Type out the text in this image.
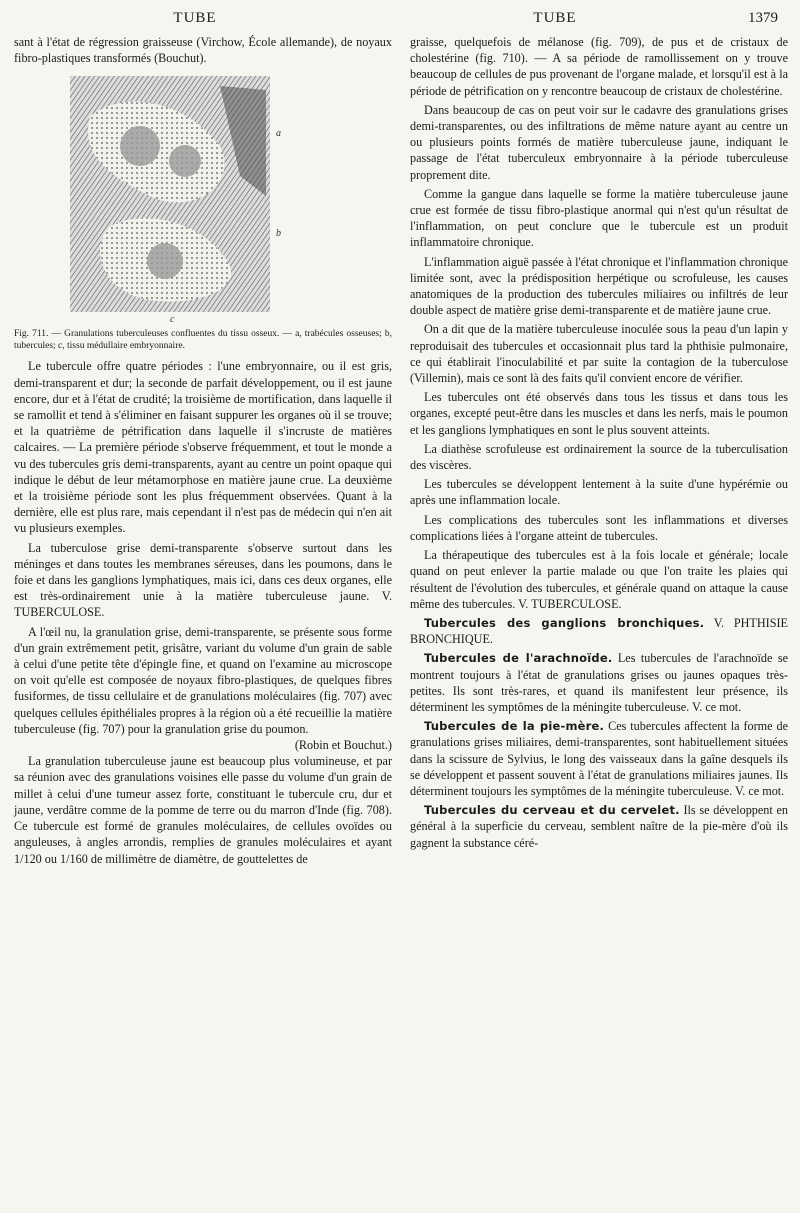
TUBE	TUBE	1379

sant à l'état de régression graisseuse (Virchow, École allemande), de noyaux fibro-plastiques transformés (Bouchut).

a
b
c
Fig. 711. — Granulations tuberculeuses confluentes du tissu osseux. — a, trabécules osseuses; b, tubercules; c, tissu médullaire embryonnaire.

Le tubercule offre quatre périodes : l'une embryonnaire, ou il est gris, demi-transparent et dur; la seconde de parfait développement, ou il est jaune encore, dur et à l'état de crudité; la troisième de mortification, dans laquelle il se ramollit et tend à s'éliminer en faisant suppurer les organes où il se trouve; et la quatrième de pétrification dans laquelle il s'incruste de matières calcaires. — La première période s'observe fréquemment, et tout le monde a vu des tubercules gris demi-transparents, ayant au centre un point opaque qui indique le début de leur métamorphose en matière jaune crue. La deuxième et la troisième période sont les plus fréquemment observées. Quant à la dernière, elle est plus rare, mais cependant il n'est pas de médecin qui n'en ait vu plusieurs exemples.

La tuberculose grise demi-transparente s'observe surtout dans les méninges et dans toutes les membranes séreuses, dans les poumons, dans le foie et dans les ganglions lymphatiques, mais ici, dans ces deux organes, elle est très-ordinairement unie à la matière tuberculeuse jaune. V. TUBERCULOSE.

A l'œil nu, la granulation grise, demi-transparente, se présente sous forme d'un grain extrêmement petit, grisâtre, variant du volume d'un grain de sable à celui d'une petite tête d'épingle fine, et quand on l'examine au microscope on voit qu'elle est composée de noyaux fibro-plastiques, de quelques fibres fusiformes, de tissu cellulaire et de granulations moléculaires (fig. 707) avec quelques cellules épithéliales propres à la région où a été recueillie la matière tuberculeuse (fig. 707) pour la granulation grise du poumon.
(Robin et Bouchut.)

La granulation tuberculeuse jaune est beaucoup plus volumineuse, et par sa réunion avec des granulations voisines elle passe du volume d'un grain de millet à celui d'une tumeur assez forte, constituant le tubercule cru, dur et jaune, verdâtre comme de la pomme de terre ou du marron d'Inde (fig. 708). Ce tubercule est formé de granules moléculaires, de cellules ovoïdes ou anguleuses, à angles arrondis, remplies de granules moléculaires et ayant 1/120 ou 1/160 de millimètre de diamètre, de gouttelettes de

graisse, quelquefois de mélanose (fig. 709), de pus et de cristaux de cholestérine (fig. 710). — A sa période de ramollissement on y trouve beaucoup de cellules de pus provenant de l'organe malade, et lorsqu'il est à la période de pétrification on y rencontre beaucoup de cristaux de cholestérine.

Dans beaucoup de cas on peut voir sur le cadavre des granulations grises demi-transparentes, ou des infiltrations de même nature ayant au centre un ou plusieurs points formés de matière tuberculeuse jaune, indiquant le passage de l'état tuberculeux embryonnaire à la période tuberculeuse proprement dite.

Comme la gangue dans laquelle se forme la matière tuberculeuse jaune crue est formée de tissu fibro-plastique anormal qui n'est qu'un résultat de l'inflammation, on peut conclure que le tubercule est un produit inflammatoire chronique.

L'inflammation aiguë passée à l'état chronique et l'inflammation chronique limitée sont, avec la prédisposition herpétique ou scrofuleuse, les causes anatomiques de la production des tubercules miliaires ou infiltrés de leur double aspect de matière grise demi-transparente et de matière jaune crue.

On a dit que de la matière tuberculeuse inoculée sous la peau d'un lapin y reproduisait des tubercules et occasionnait plus tard la phthisie pulmonaire, ce qui établirait l'inoculabilité et par suite la contagion de la tuberculose (Villemin), mais ce sont là des faits qu'il convient encore de vérifier.

Les tubercules ont été observés dans tous les tissus et dans tous les organes, excepté peut-être dans les muscles et dans les nerfs, mais le poumon et les ganglions lymphatiques en sont le plus souvent atteints.

La diathèse scrofuleuse est ordinairement la source de la tuberculisation des viscères.

Les tubercules se développent lentement à la suite d'une hypérémie ou après une inflammation locale.

Les complications des tubercules sont les inflammations et diverses complications liées à l'organe atteint de tubercules.

La thérapeutique des tubercules est à la fois locale et générale; locale quand on peut enlever la partie malade ou que l'on traite les plaies qui résultent de l'évolution des tubercules, et générale quand on attaque la cause même des tubercules. V. TUBERCULOSE.

Tubercules des ganglions bronchiques. V. PHTHISIE BRONCHIQUE.

Tubercules de l'arachnoïde. Les tubercules de l'arachnoïde se montrent toujours à l'état de granulations grises ou jaunes opaques très-petites. Ils sont très-rares, et quand ils manifestent leur présence, ils déterminent les symptômes de la méningite tuberculeuse. V. ce mot.

Tubercules de la pie-mère. Ces tubercules affectent la forme de granulations grises miliaires, demi-transparentes, sont habituellement situées dans la scissure de Sylvius, le long des vaisseaux dans la gaîne desquels ils se développent et passent souvent à l'état de granulations miliaires jaunes. Ils déterminent toujours les symptômes de la méningite tuberculeuse. V. ce mot.

Tubercules du cerveau et du cervelet. Ils se développent en général à la superficie du cerveau, semblent naître de la pie-mère d'où ils gagnent la substance céré-
